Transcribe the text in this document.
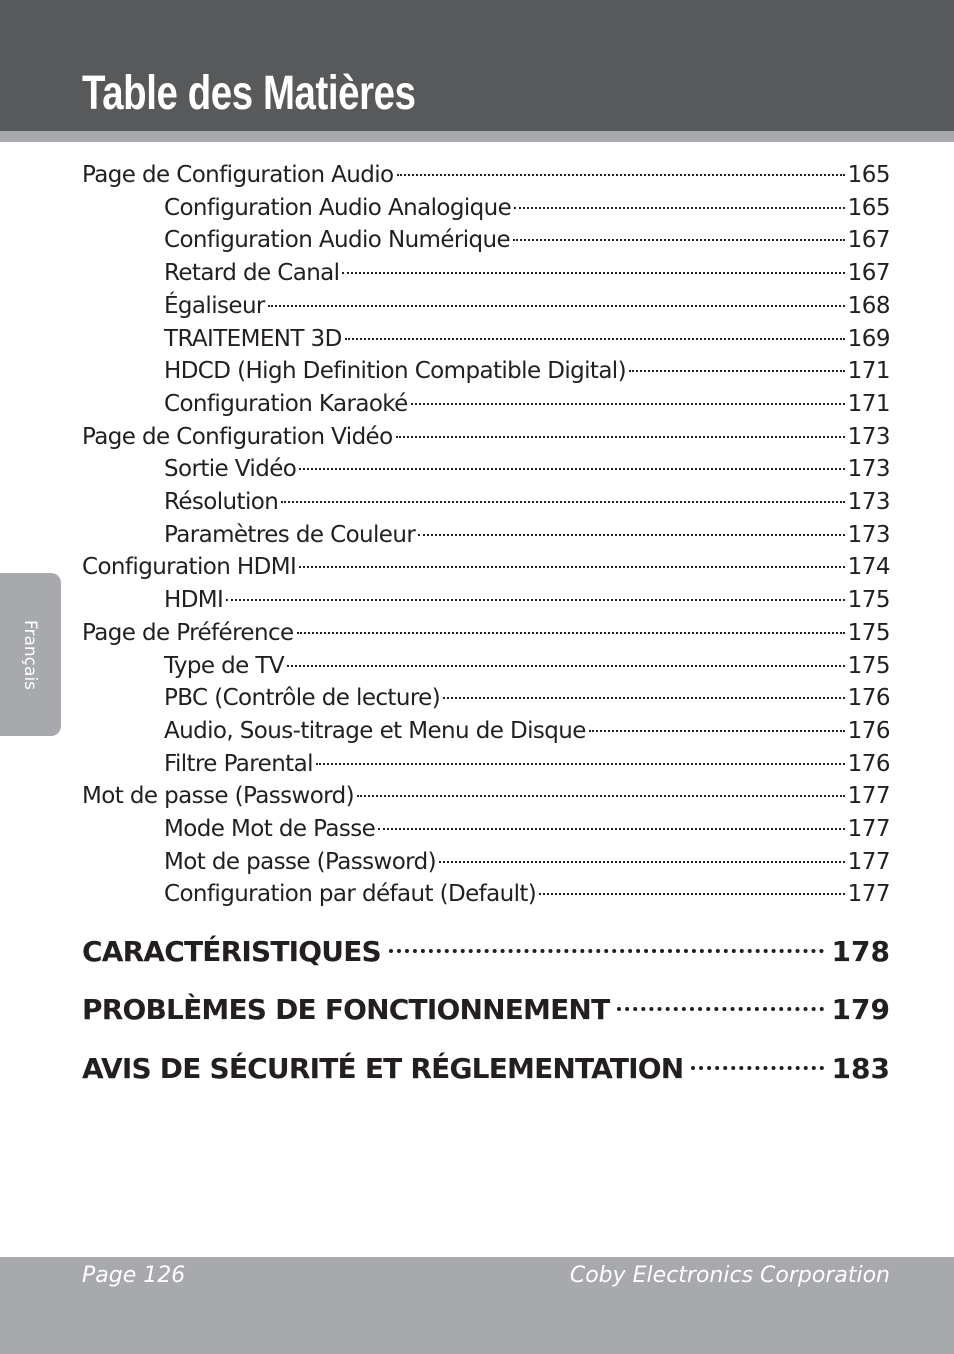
Table des Matières
Français
Page de Configuration Audio	165
Configuration Audio Analogique	165
Configuration Audio Numérique	167
Retard de Canal	167
Égaliseur	168
TRAITEMENT 3D	169
HDCD (High Definition Compatible Digital)	171
Configuration Karaoké	171
Page de Configuration Vidéo	173
Sortie Vidéo	173
Résolution	173
Paramètres de Couleur	173
Configuration HDMI	174
HDMI	175
Page de Préférence	175
Type de TV	175
PBC (Contrôle de lecture)	176
Audio, Sous-titrage et Menu de Disque	176
Filtre Parental	176
Mot de passe (Password)	177
Mode Mot de Passe	177
Mot de passe (Password)	177
Configuration par défaut (Default)	177
CARACTÉRISTIQUES	178
PROBLÈMES DE FONCTIONNEMENT	179
AVIS DE SÉCURITÉ ET RÉGLEMENTATION	183
Page 126	Coby Electronics Corporation
